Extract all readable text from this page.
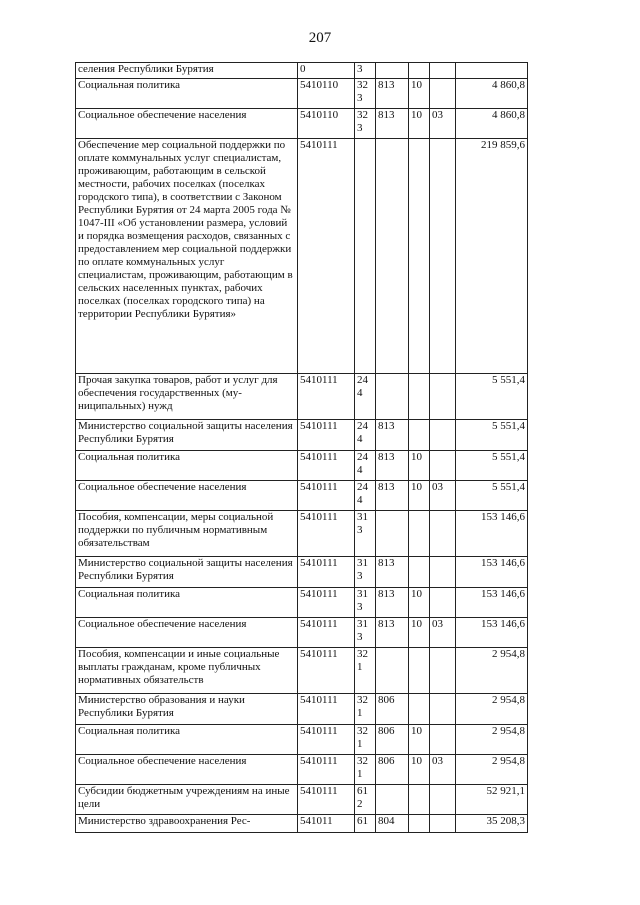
207
селения Республики Бурятия	0	3				
Социальная политика	5410110	323	813	10		4 860,8
Социальное обеспечение населения	5410110	323	813	10	03	4 860,8
Обеспечение мер социальной поддержки по оплате коммунальных услуг специалистам, проживающим, работающим в сельской местности, рабочих поселках (поселках городского типа), в соответствии с Законом Республики Бурятия от 24 марта 2005 года № 1047-III «Об установлении размера, условий и порядка возмещения расходов, связанных с предоставлением мер социальной поддержки по оплате коммунальных услуг специалистам, проживающим, работающим в сельских населенных пунктах, рабочих поселках (поселках городского типа) на территории Республики Бурятия»	5410111					219 859,6
Прочая закупка товаров, работ и услуг для обеспечения государственных (муниципальных) нужд	5410111	244				5 551,4
Министерство социальной защиты населения Республики Бурятия	5410111	244	813			5 551,4
Социальная политика	5410111	244	813	10		5 551,4
Социальное обеспечение населения	5410111	244	813	10	03	5 551,4
Пособия, компенсации, меры социальной поддержки по публичным нормативным обязательствам	5410111	313				153 146,6
Министерство социальной защиты населения Республики Бурятия	5410111	313	813			153 146,6
Социальная политика	5410111	313	813	10		153 146,6
Социальное обеспечение населения	5410111	313	813	10	03	153 146,6
Пособия, компенсации и иные социальные выплаты гражданам, кроме публичных нормативных обязательств	5410111	321				2 954,8
Министерство образования и науки Республики Бурятия	5410111	321	806			2 954,8
Социальная политика	5410111	321	806	10		2 954,8
Социальное обеспечение населения	5410111	321	806	10	03	2 954,8
Субсидии бюджетным учреждениям на иные цели	5410111	612				52 921,1
Министерство здравоохранения Рес-	541011	61	804			35 208,3
